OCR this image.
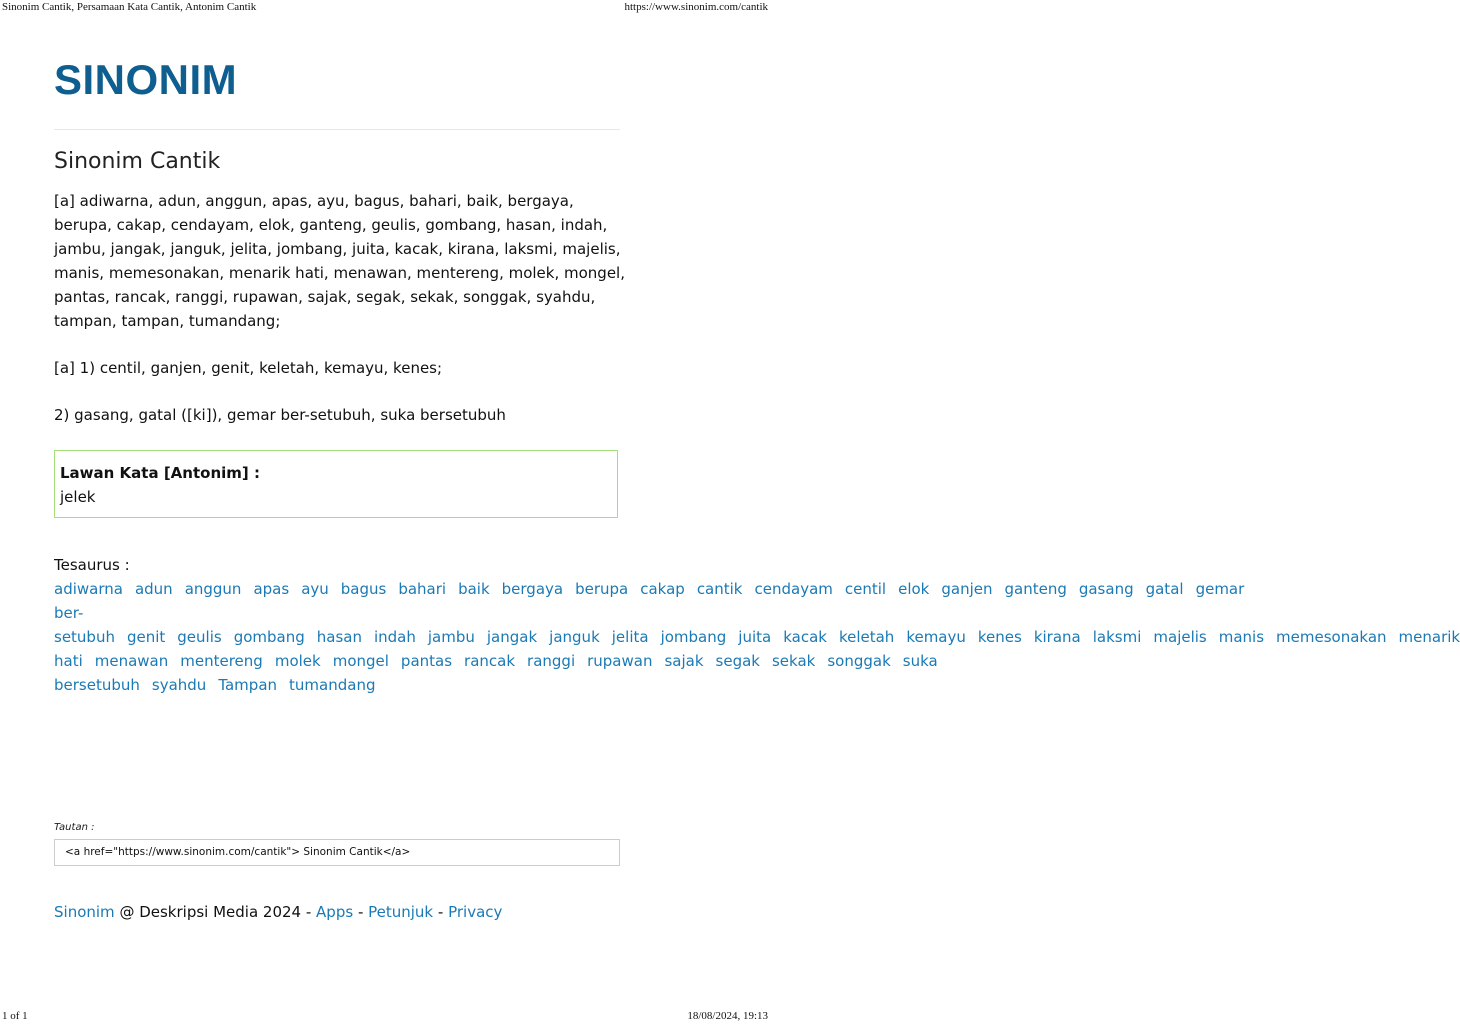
Sinonim Cantik, Persamaan Kata Cantik, Antonim Cantik	https://www.sinonim.com/cantik
SINONIM
Sinonim Cantik

[a] adiwarna, adun, anggun, apas, ayu, bagus, bahari, baik, bergaya, berupa, cakap, cendayam, elok, ganteng, geulis, gombang, hasan, indah, jambu, jangak, janguk, jelita, jombang, juita, kacak, kirana, laksmi, majelis, manis, memesonakan, menarik hati, menawan, mentereng, molek, mongel, pantas, rancak, ranggi, rupawan, sajak, segak, sekak, songgak, syahdu, tampan, tampan, tumandang;

[a] 1) centil, ganjen, genit, keletah, kemayu, kenes;

2) gasang, gatal ([ki]), gemar ber-setubuh, suka bersetubuh

Lawan Kata [Antonim] :
jelek
Tesaurus :
adiwarna adun anggun apas ayu bagus bahari baik bergaya berupa cakap cantik cendayam centil elok ganjen ganteng gasang gatal gemar ber-setubuh genit geulis gombang hasan indah jambu jangak janguk jelita jombang juita kacak keletah kemayu kenes kirana laksmi majelis manis memesonakan menarik hati menawan mentereng molek mongel pantas rancak ranggi rupawan sajak segak sekak songgak suka bersetubuh syahdu Tampan tumandang
Tautan :
<a href="https://www.sinonim.com/cantik"> Sinonim Cantik</a>
Sinonim @ Deskripsi Media 2024 - Apps - Petunjuk - Privacy
1 of 1	18/08/2024, 19:13
